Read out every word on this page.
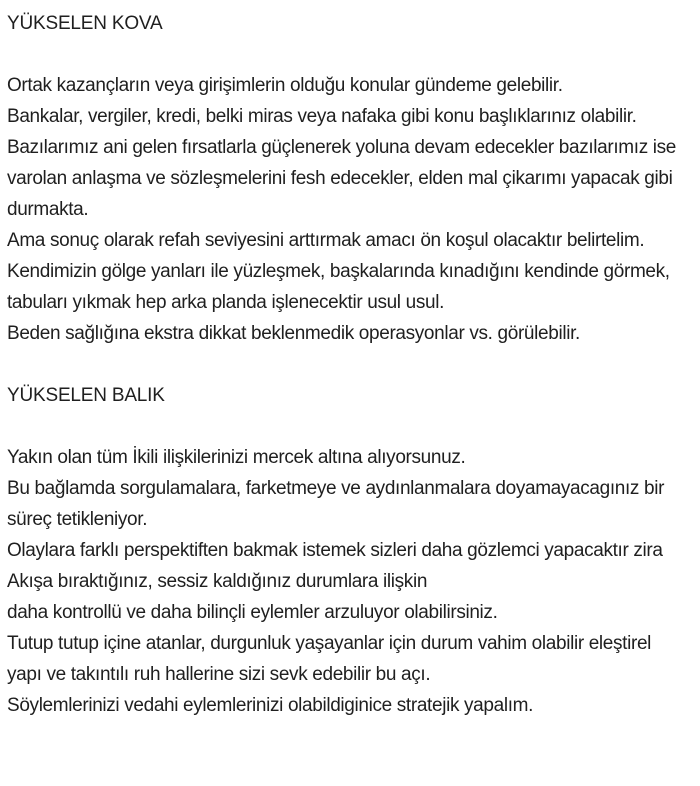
YÜKSELEN KOVA
Ortak kazançların veya girişimlerin olduğu konular gündeme gelebilir.
Bankalar, vergiler, kredi, belki miras veya nafaka gibi konu başlıklarınız olabilir.
Bazılarımız ani gelen fırsatlarla güçlenerek yoluna devam edecekler bazılarımız ise
varolan anlaşma ve sözleşmelerini fesh edecekler, elden mal çikarımı yapacak gibi
durmakta.
Ama sonuç olarak refah seviyesini arttırmak amacı ön koşul olacaktır belirtelim.
Kendimizin gölge yanları ile yüzleşmek, başkalarında kınadığını kendinde görmek,
tabuları yıkmak hep arka planda işlenecektir usul usul.
Beden sağlığına ekstra dikkat beklenmedik operasyonlar vs. görülebilir.
YÜKSELEN BALIK
Yakın olan tüm İkili ilişkilerinizi mercek altına alıyorsunuz.
Bu bağlamda sorgulamalara, farketmeye ve aydınlanmalara doyamayacagınız bir
süreç tetikleniyor.
Olaylara farklı perspektiften bakmak istemek sizleri daha gözlemci yapacaktır zira
Akışa bıraktığınız, sessiz kaldığınız durumlara ilişkin
daha kontrollü ve daha bilinçli eylemler arzuluyor olabilirsiniz.
Tutup tutup içine atanlar, durgunluk yaşayanlar için durum vahim olabilir eleştirel
yapı ve takıntılı ruh hallerine sizi sevk edebilir bu açı.
Söylemlerinizi vedahi eylemlerinizi olabildiginice stratejik yapalım.
